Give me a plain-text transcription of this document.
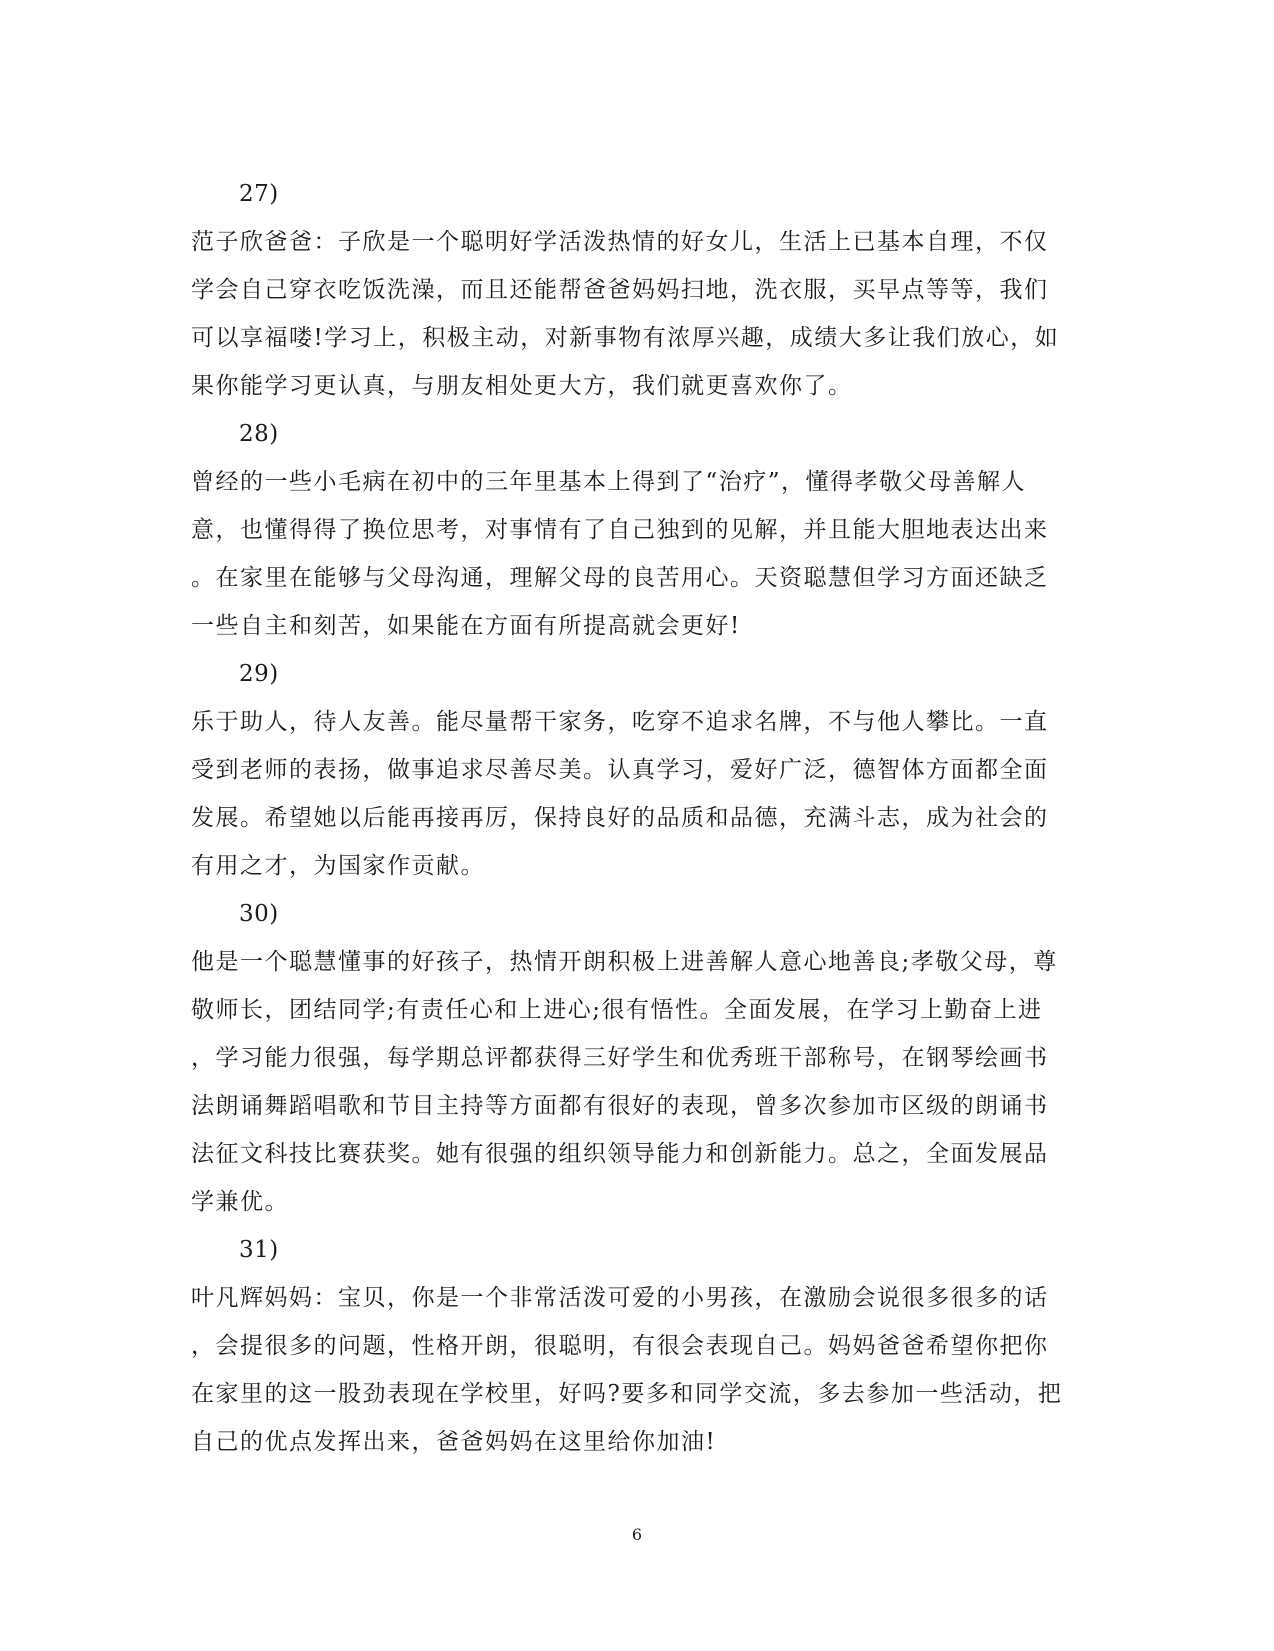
27)
范子欣爸爸：子欣是一个聪明好学活泼热情的好女儿，生活上已基本自理，不仅
学会自己穿衣吃饭洗澡，而且还能帮爸爸妈妈扫地，洗衣服，买早点等等，我们
可以享福喽!学习上，积极主动，对新事物有浓厚兴趣，成绩大多让我们放心，如
果你能学习更认真，与朋友相处更大方，我们就更喜欢你了。
28)
曾经的一些小毛病在初中的三年里基本上得到了“治疗”，懂得孝敬父母善解人
意，也懂得得了换位思考，对事情有了自己独到的见解，并且能大胆地表达出来
。在家里在能够与父母沟通，理解父母的良苦用心。天资聪慧但学习方面还缺乏
一些自主和刻苦，如果能在方面有所提高就会更好!
29)
乐于助人，待人友善。能尽量帮干家务，吃穿不追求名牌，不与他人攀比。一直
受到老师的表扬，做事追求尽善尽美。认真学习，爱好广泛，德智体方面都全面
发展。希望她以后能再接再厉，保持良好的品质和品德，充满斗志，成为社会的
有用之才，为国家作贡献。
30)
他是一个聪慧懂事的好孩子，热情开朗积极上进善解人意心地善良;孝敬父母，尊
敬师长，团结同学;有责任心和上进心;很有悟性。全面发展，在学习上勤奋上进
，学习能力很强，每学期总评都获得三好学生和优秀班干部称号，在钢琴绘画书
法朗诵舞蹈唱歌和节目主持等方面都有很好的表现，曾多次参加市区级的朗诵书
法征文科技比赛获奖。她有很强的组织领导能力和创新能力。总之，全面发展品
学兼优。
31)
叶凡辉妈妈：宝贝，你是一个非常活泼可爱的小男孩，在激励会说很多很多的话
，会提很多的问题，性格开朗，很聪明，有很会表现自己。妈妈爸爸希望你把你
在家里的这一股劲表现在学校里，好吗?要多和同学交流，多去参加一些活动，把
自己的优点发挥出来，爸爸妈妈在这里给你加油!
6
